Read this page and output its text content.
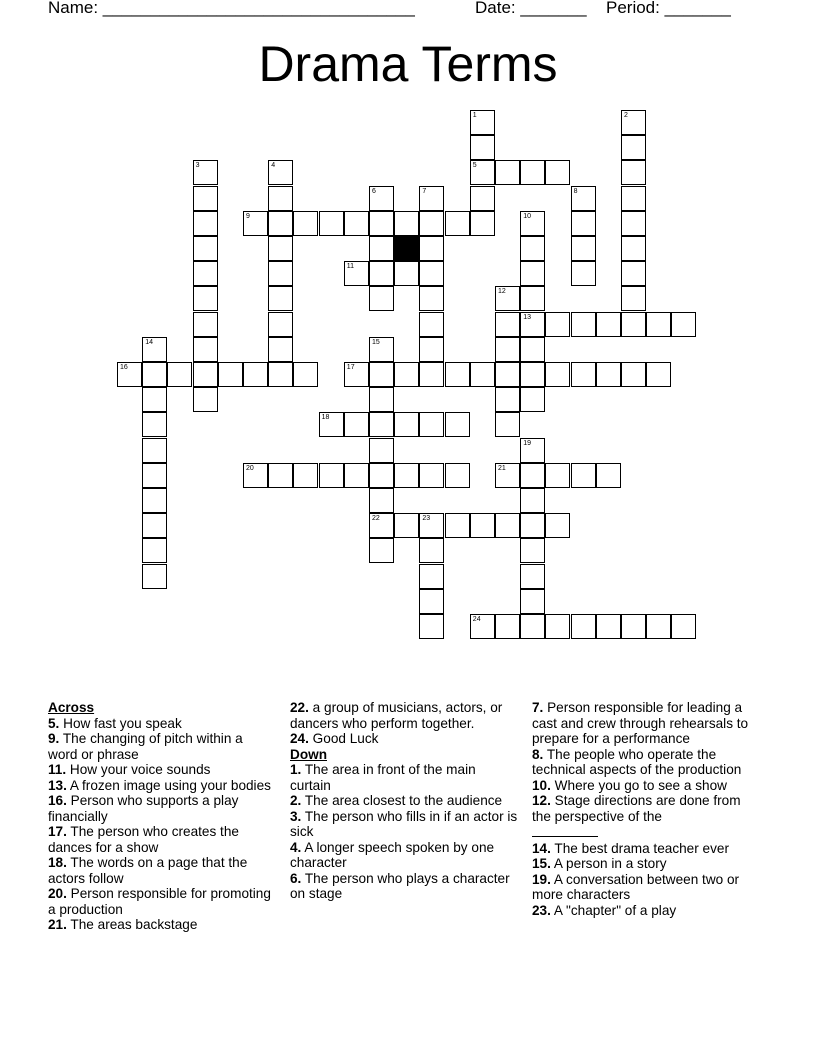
Name: _________________________________	Date: _______ Period: _______
Drama Terms
1	2
3	4	5
6	7	8
9	10
11
12
13
14	15
16	17
18
19
20	21
22	23
24
Across
5. How fast you speak
9. The changing of pitch within a word or phrase
11. How your voice sounds
13. A frozen image using your bodies
16. Person who supports a play financially
17. The person who creates the dances for a show
18. The words on a page that the actors follow
20. Person responsible for promoting a production
21. The areas backstage
22. a group of musicians, actors, or dancers who perform together.
24. Good Luck
Down
1. The area in front of the main curtain
2. The area closest to the audience
3. The person who fills in if an actor is sick
4. A longer speech spoken by one character
6. The person who plays a character on stage
7. Person responsible for leading a cast and crew through rehearsals to prepare for a performance
8. The people who operate the technical aspects of the production
10. Where you go to see a show
12. Stage directions are done from the perspective of the

14. The best drama teacher ever
15. A person in a story
19. A conversation between two or more characters
23. A "chapter" of a play
